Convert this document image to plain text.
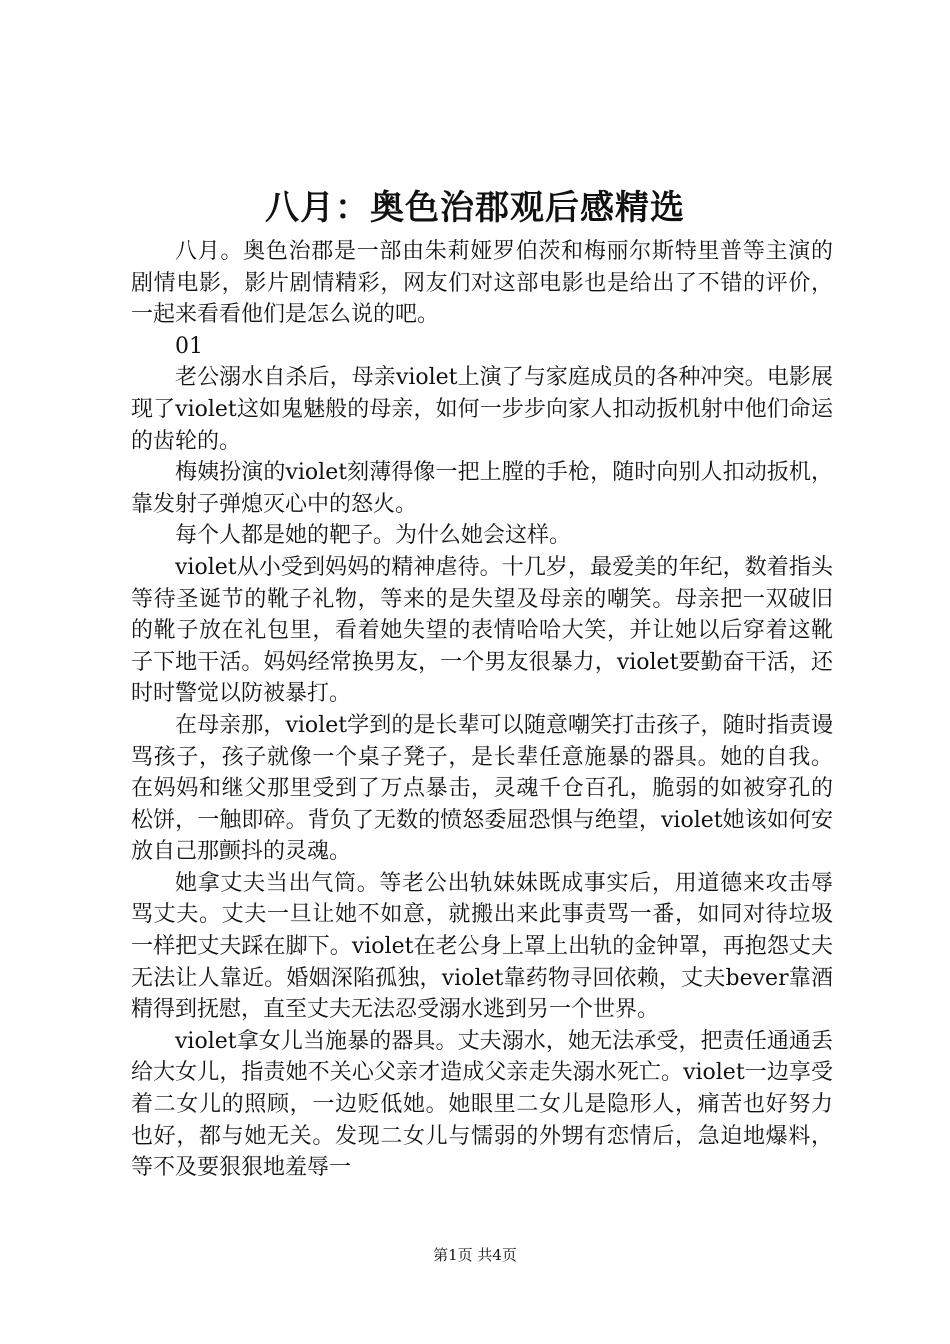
八月：奥色治郡观后感精选

八月。奥色治郡是一部由朱莉娅罗伯茨和梅丽尔斯特里普等主演的剧情电影，影片剧情精彩，网友们对这部电影也是给出了不错的评价，一起来看看他们是怎么说的吧。

01

老公溺水自杀后，母亲violet上演了与家庭成员的各种冲突。电影展现了violet这如鬼魅般的母亲，如何一步步向家人扣动扳机射中他们命运的齿轮的。

梅姨扮演的violet刻薄得像一把上膛的手枪，随时向别人扣动扳机，靠发射子弹熄灭心中的怒火。

每个人都是她的靶子。为什么她会这样。

violet从小受到妈妈的精神虐待。十几岁，最爱美的年纪，数着指头等待圣诞节的靴子礼物，等来的是失望及母亲的嘲笑。母亲把一双破旧的靴子放在礼包里，看着她失望的表情哈哈大笑，并让她以后穿着这靴子下地干活。妈妈经常换男友，一个男友很暴力，violet要勤奋干活，还时时警觉以防被暴打。

在母亲那，violet学到的是长辈可以随意嘲笑打击孩子，随时指责谩骂孩子，孩子就像一个桌子凳子，是长辈任意施暴的器具。她的自我。在妈妈和继父那里受到了万点暴击，灵魂千仓百孔，脆弱的如被穿孔的松饼，一触即碎。背负了无数的愤怒委屈恐惧与绝望，violet她该如何安放自己那颤抖的灵魂。

她拿丈夫当出气筒。等老公出轨妹妹既成事实后，用道德来攻击辱骂丈夫。丈夫一旦让她不如意，就搬出来此事责骂一番，如同对待垃圾一样把丈夫踩在脚下。violet在老公身上罩上出轨的金钟罩，再抱怨丈夫无法让人靠近。婚姻深陷孤独，violet靠药物寻回依赖，丈夫bever靠酒精得到抚慰，直至丈夫无法忍受溺水逃到另一个世界。

violet拿女儿当施暴的器具。丈夫溺水，她无法承受，把责任通通丢给大女儿，指责她不关心父亲才造成父亲走失溺水死亡。violet一边享受着二女儿的照顾，一边贬低她。她眼里二女儿是隐形人，痛苦也好努力也好，都与她无关。发现二女儿与懦弱的外甥有恋情后，急迫地爆料，等不及要狠狠地羞辱一

第1页 共4页
